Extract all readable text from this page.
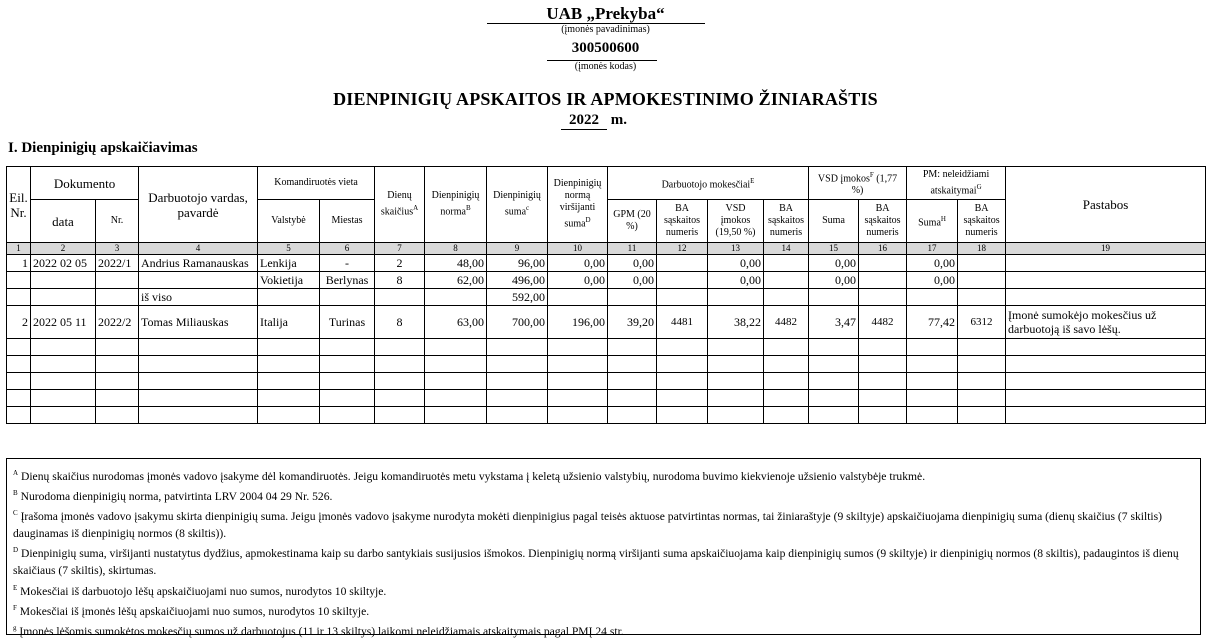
UAB „Prekyba“
(įmonės pavadinimas)
300500600
(įmonės kodas)
DIENPINIGIŲ APSKAITOS IR APMOKESTINIMO ŽINIARAŠTIS
2022 m.
I. Dienpinigių apskaičiavimas
Eil. Nr.	Dokumento		Darbuotojo vardas, pavardė	Komandiruotės vieta		Dienų skaičius$^A$	Dienpinigių norma$^B$	Dienpinigių suma$^c$	Dienpinigių normą viršijanti suma$^D$	Darbuotojo mokesčiai$^E$				VSD įmokos$^F$ (1,77 %)		PM: neleidžiami atskaitymai$^G$		Pastabos
	data	Nr.		Valstybė	Miestas					GPM (20 %)	BA sąskaitos numeris	VSD įmokos (19,50 %)	BA sąskaitos numeris	Suma	BA sąskaitos numeris	Suma$^H$	BA sąskaitos numeris	
1	2	3	4	5	6	7	8	9	10	11	12	13	14	15	16	17	18	19
1	2022 02 05	2022/1	Andrius Ramanauskas	Lenkija	-	2	48,00	96,00	0,00	0,00		0,00		0,00		0,00		
				Vokietija	Berlynas	8	62,00	496,00	0,00	0,00		0,00		0,00		0,00		
			iš viso					592,00										
2	2022 05 11	2022/2	Tomas Miliauskas	Italija	Turinas	8	63,00	700,00	196,00	39,20	4481	38,22	4482	3,47	4482	77,42	6312	Įmonė sumokėjo mokesčius už darbuotoją iš savo lėšų.

$^A$ Dienų skaičius nurodomas įmonės vadovo įsakyme dėl komandiruotės. Jeigu komandiruotės metu vykstama į keletą užsienio valstybių, nurodoma buvimo kiekvienoje užsienio valstybėje trukmė.
$^B$ Nurodoma dienpinigių norma, patvirtinta LRV 2004 04 29 Nr. 526.
$^C$ Įrašoma įmonės vadovo įsakymu skirta dienpinigių suma. Jeigu įmonės vadovo įsakyme nurodyta mokėti dienpinigius pagal teisės aktuose patvirtintas normas, tai žiniaraštyje (9 skiltyje) apskaičiuojama dienpinigių suma (dienų skaičius (7 skiltis) dauginamas iš dienpinigių normos (8 skiltis)).
$^D$ Dienpinigių suma, viršijanti nustatytus dydžius, apmokestinama kaip su darbo santykiais susijusios išmokos. Dienpinigių normą viršijanti suma apskaičiuojama kaip dienpinigių sumos (9 skiltyje) ir dienpinigių normos (8 skiltis), padaugintos iš dienų skaičiaus (7 skiltis), skirtumas.
$^E$ Mokesčiai iš darbuotojo lėšų apskaičiuojami nuo sumos, nurodytos 10 skiltyje.
$^F$ Mokesčiai iš įmonės lėšų apskaičiuojami nuo sumos, nurodytos 10 skiltyje.
$^g$ Įmonės lėšomis sumokėtos mokesčių sumos už darbuotojus (11 ir 13 skiltys) laikomi neleidžiamais atskaitymais pagal PMĮ 24 str.
